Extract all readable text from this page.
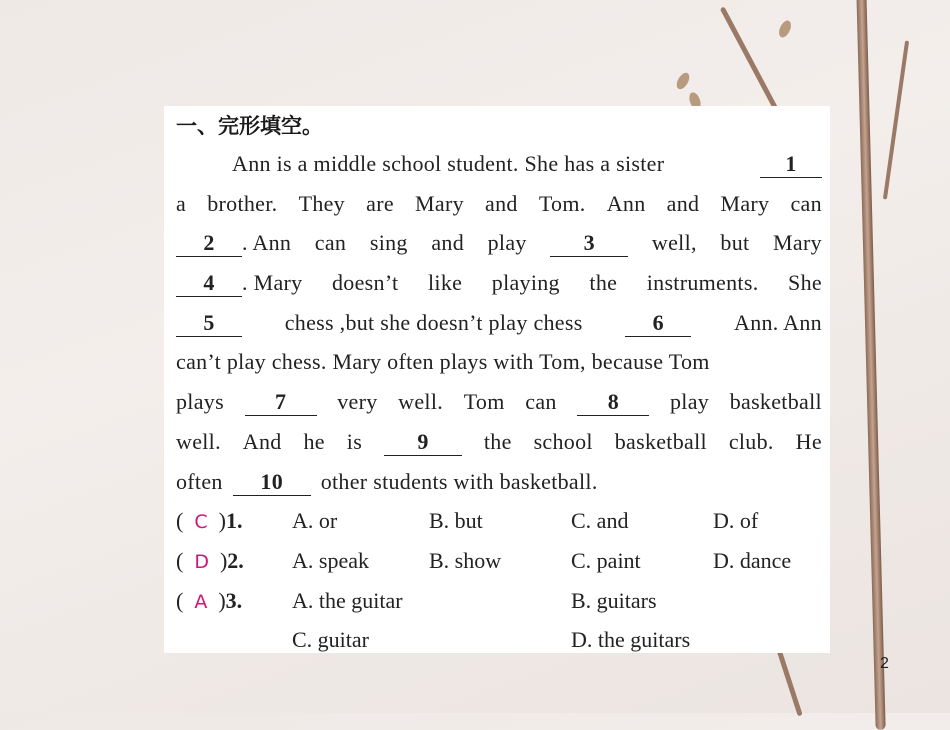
一、完形填空。
Ann is a middle school student. She has a sister	1
a brother. They are Mary and Tom. Ann and Mary can
2	. Ann can sing and play	3	well, but Mary
4	. Mary doesn’t like playing the instruments. She
5	chess ,but she doesn’t play chess	6	Ann. Ann
can’t play chess. Mary often plays with Tom, because Tom
plays	7	very well. Tom can	8	play basketball
well. And he is	9	the school basketball club. He
often	10	other students with basketball.
(  C  )1. A. or	B. but	C. and	D. of
(  D  )2. A. speak	B. show	C. paint	D. dance
(  A  )3. A. the guitar	B. guitars
C. guitar	D. the guitars
2
